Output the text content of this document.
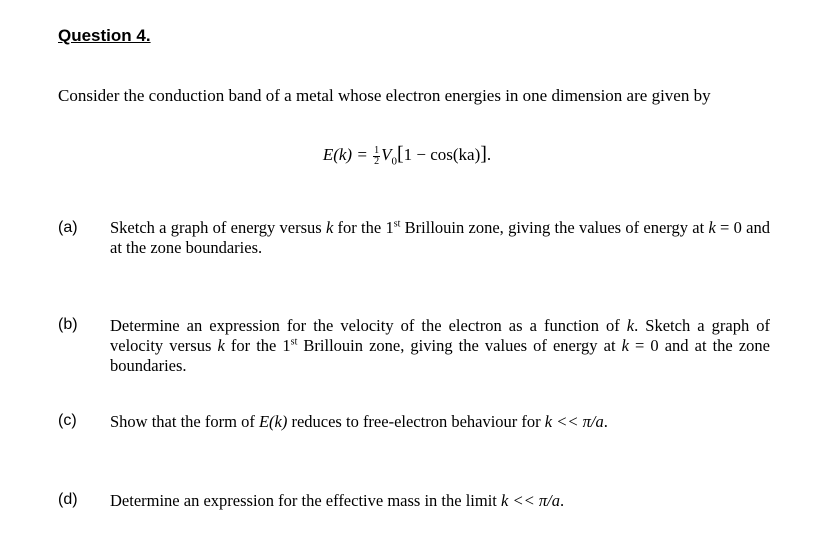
Question 4.
Consider the conduction band of a metal whose electron energies in one dimension are given by
$E(k) = \frac{1}{2} V_0[1 - \cos(ka)]$.
(a) Sketch a graph of energy versus k for the 1st Brillouin zone, giving the values of energy at k = 0 and at the zone boundaries.
(b) Determine an expression for the velocity of the electron as a function of k. Sketch a graph of velocity versus k for the 1st Brillouin zone, giving the values of energy at k = 0 and at the zone boundaries.
(c) Show that the form of E(k) reduces to free-electron behaviour for k << π/a.
(d) Determine an expression for the effective mass in the limit k << π/a.
